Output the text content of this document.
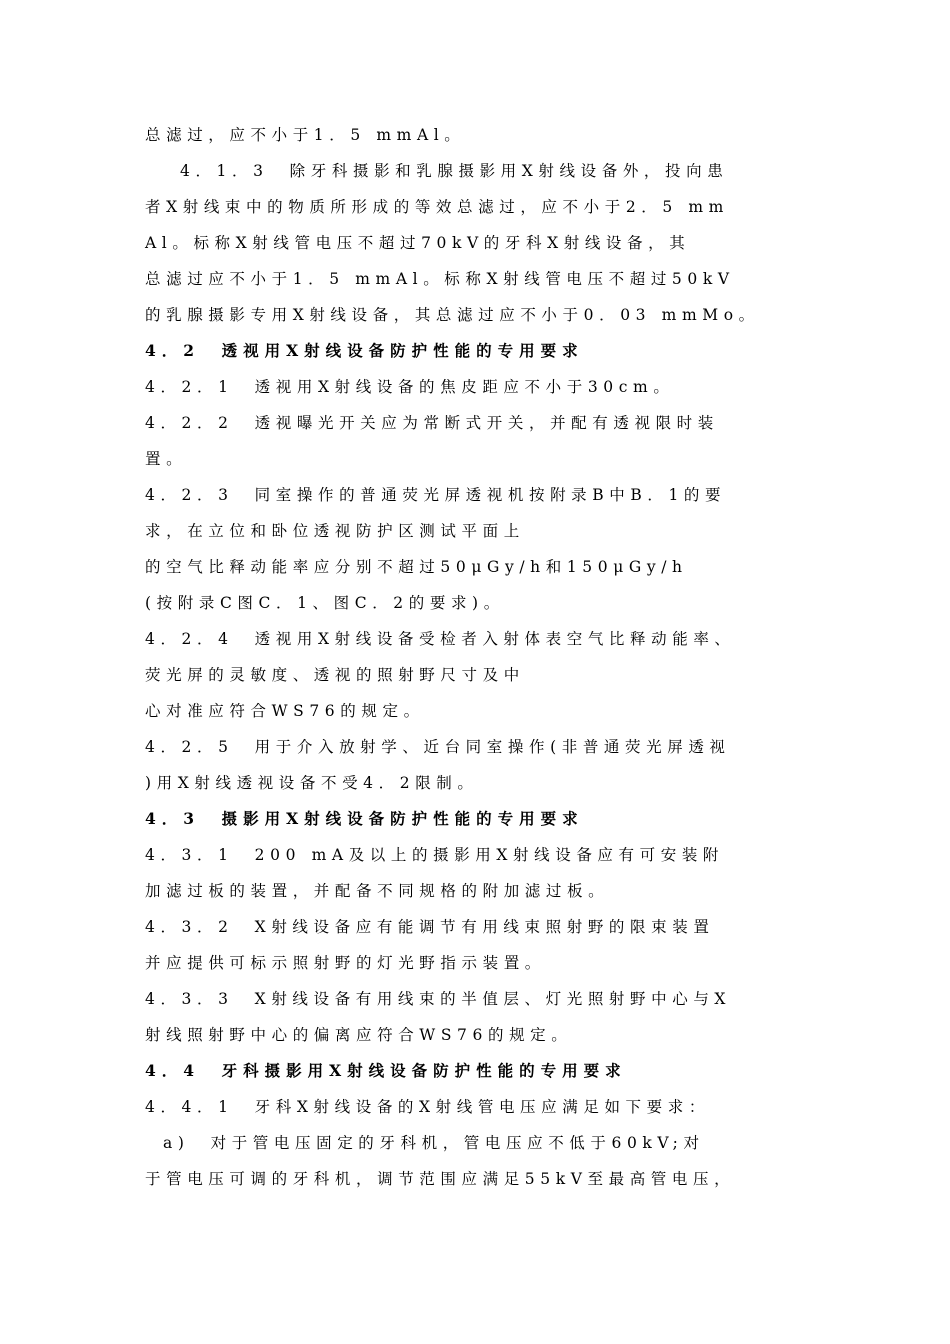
总滤过，应不小于1．5 mmAl。
4．1．3　除牙科摄影和乳腺摄影用X射线设备外，投向患
者X射线束中的物质所形成的等效总滤过，应不小于2．5 mm
Al。标称X射线管电压不超过70kV的牙科X射线设备，其
总滤过应不小于1．5 mmAl。标称X射线管电压不超过50kV
的乳腺摄影专用X射线设备，其总滤过应不小于0．03 mmMo。
4．2　透视用X射线设备防护性能的专用要求
4．2．1　透视用X射线设备的焦皮距应不小于30cm。
4．2．2　透视曝光开关应为常断式开关，并配有透视限时装
置。
4．2．3　同室操作的普通荧光屏透视机按附录B中B．1的要
求，在立位和卧位透视防护区测试平面上
的空气比释动能率应分别不超过50μGy/h和150μGy/h
(按附录C图C．1、图C．2的要求)。
4．2．4　透视用X射线设备受检者入射体表空气比释动能率、
荧光屏的灵敏度、透视的照射野尺寸及中
心对准应符合WS76的规定。
4．2．5　用于介入放射学、近台同室操作(非普通荧光屏透视
)用X射线透视设备不受4．2限制。
4．3　摄影用X射线设备防护性能的专用要求
4．3．1　200 mA及以上的摄影用X射线设备应有可安装附
加滤过板的装置，并配备不同规格的附加滤过板。
4．3．2　X射线设备应有能调节有用线束照射野的限束装置
并应提供可标示照射野的灯光野指示装置。
4．3．3　X射线设备有用线束的半值层、灯光照射野中心与X
射线照射野中心的偏离应符合WS76的规定。
4．4　牙科摄影用X射线设备防护性能的专用要求
4．4．1　牙科X射线设备的X射线管电压应满足如下要求：
a)　对于管电压固定的牙科机，管电压应不低于60kV;对
于管电压可调的牙科机，调节范围应满足55kV至最高管电压，
